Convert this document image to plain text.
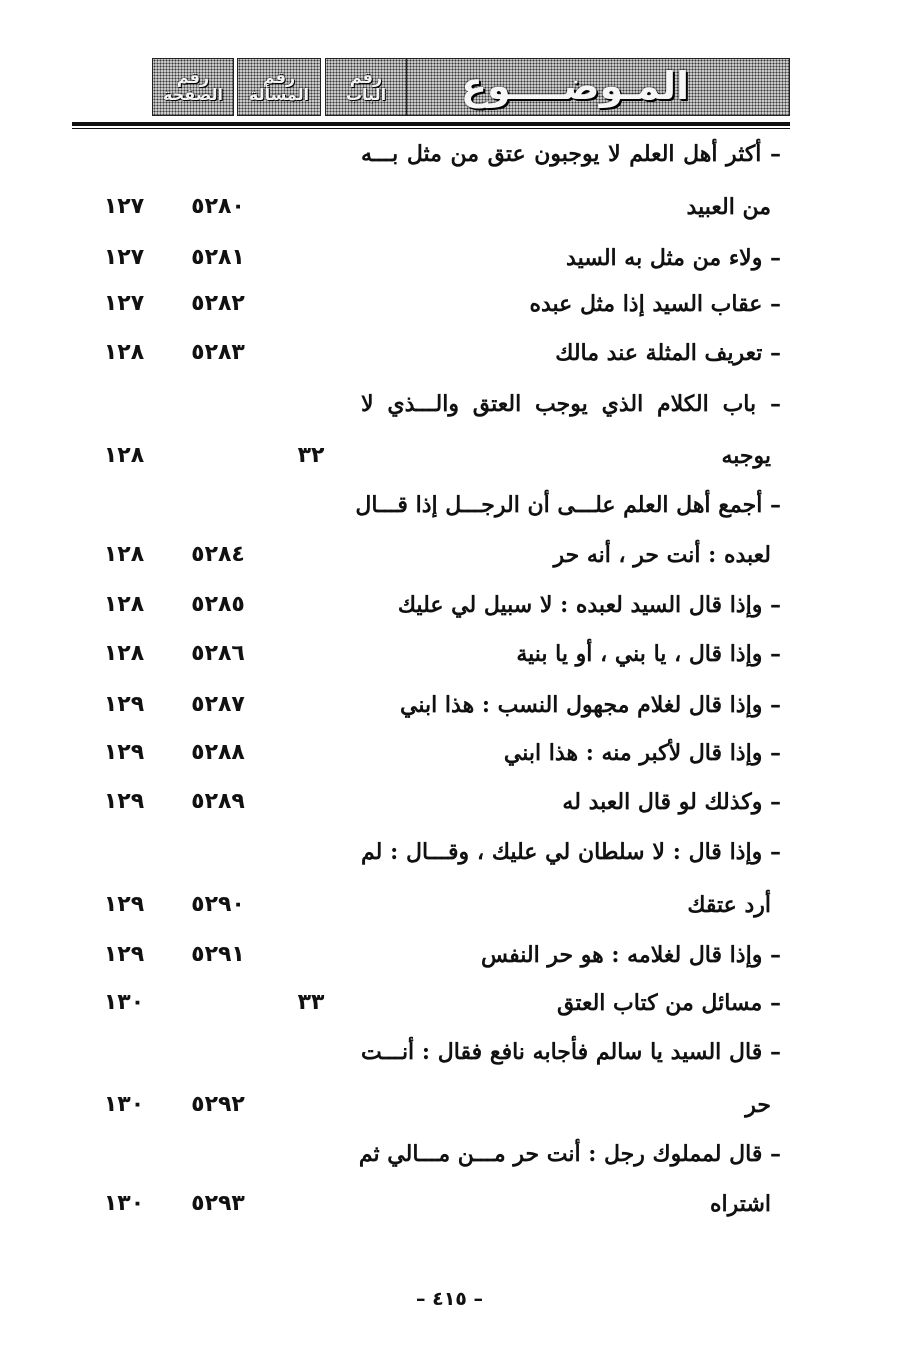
المـوضــــوع
رقم
الباب
رقم
المسألة
رقم
الصفحة
– أكثر أهل العلم لا يوجبون عتق من مثل بـــه
من العبيد
٥٢٨٠
١٢٧
– ولاء من مثل به السيد
٥٢٨١
١٢٧
– عقاب السيد إذا مثل عبده
٥٢٨٢
١٢٧
– تعريف المثلة عند مالك
٥٢٨٣
١٢٨
– باب الكلام الذي يوجب العتق والـــذي لا
يوجبه
٣٢
١٢٨
– أجمع أهل العلم علـــى أن الرجـــل إذا قـــال
لعبده : أنت حر ، أنه حر
٥٢٨٤
١٢٨
– وإذا قال السيد لعبده : لا سبيل لي عليك
٥٢٨٥
١٢٨
– وإذا قال ، يا بني ، أو يا بنية
٥٢٨٦
١٢٨
– وإذا قال لغلام مجهول النسب : هذا ابني
٥٢٨٧
١٢٩
– وإذا قال لأكبر منه : هذا ابني
٥٢٨٨
١٢٩
– وكذلك لو قال العبد له
٥٢٨٩
١٢٩
– وإذا قال : لا سلطان لي عليك ، وقـــال : لم
أرد عتقك
٥٢٩٠
١٢٩
– وإذا قال لغلامه : هو حر النفس
٥٢٩١
١٢٩
– مسائل من كتاب العتق
٣٣
١٣٠
– قال السيد يا سالم فأجابه نافع فقال : أنـــت
حر
٥٢٩٢
١٣٠
– قال لمملوك رجل : أنت حر مـــن مـــالي ثم
اشتراه
٥٢٩٣
١٣٠
– ٤١٥ –
